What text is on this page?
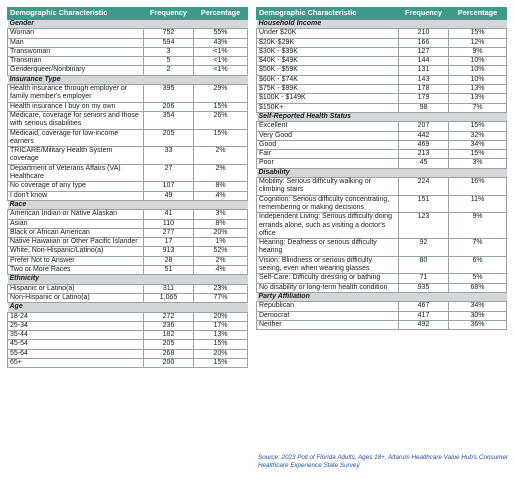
Demographic Characteristic	Frequency	Percentage
Gender		
Woman	752	55%
Man	594	43%
Transwoman	3	<1%
Transman	5	<1%
Genderqueer/Nonbinary	2	<1%
Insurance Type		
Health insurance through employer or family member's employer	395	29%
Health insurance I buy on my own	206	15%
Medicare, coverage for seniors and those with serious disabilities	354	26%
Medicaid, coverage for low-income earners	205	15%
TRICARE/Military Health System coverage	33	2%
Department of Veterans Affairs (VA) Healthcare	27	2%
No coverage of any type	107	8%
I don't know	49	4%
Race		
American Indian or Native Alaskan	41	3%
Asian	110	8%
Black or African American	277	20%
Native Hawaiian or Other Pacific Islander	17	1%
White, Non-Hispanic/Latino(a)	913	52%
Prefer Not to Answer	28	2%
Two or More Races	51	4%
Ethnicity		
Hispanic or Latino(a)	311	23%
Non-Hispanic or Latino(a)	1,065	77%
Age		
18-24	272	20%
25-34	236	17%
35-44	182	13%
45-54	205	15%
55-64	268	20%
65+	200	15%
Demographic Characteristic	Frequency	Percentage
Household Income		
Under $20K	210	15%
$20K-$29K	166	12%
$30K - $39K	127	9%
$40K - $49K	144	10%
$50K - $59K	131	10%
$60K - $74K	143	10%
$75K - $99K	178	13%
$100K - $149K	179	13%
$150K+	98	7%
Self-Reported Health Status		
Excellent	207	15%
Very Good	442	32%
Good	469	34%
Fair	213	15%
Poor	45	3%
Disability		
Mobility: Serious difficulty walking or climbing stairs	224	16%
Cognition: Serious difficulty concentrating, remembering or making decisions	151	11%
Independent Living: Serious difficulty doing errands alone, such as visiting a doctor's office	123	9%
Hearing: Deafness or serious difficulty hearing	92	7%
Vision: Blindness or serious difficulty seeing, even when wearing glasses	80	6%
Self-Care: Difficulty dressing or bathing	71	5%
No disability or long-term health condition	935	68%
Party Affiliation		
Republican	467	34%
Democrat	417	30%
Neither	492	36%
Source: 2023 Poll of Florida Adults, Ages 18+, Altarum Healthcare Value Hub's Consumer Healthcare Experience State Survey
